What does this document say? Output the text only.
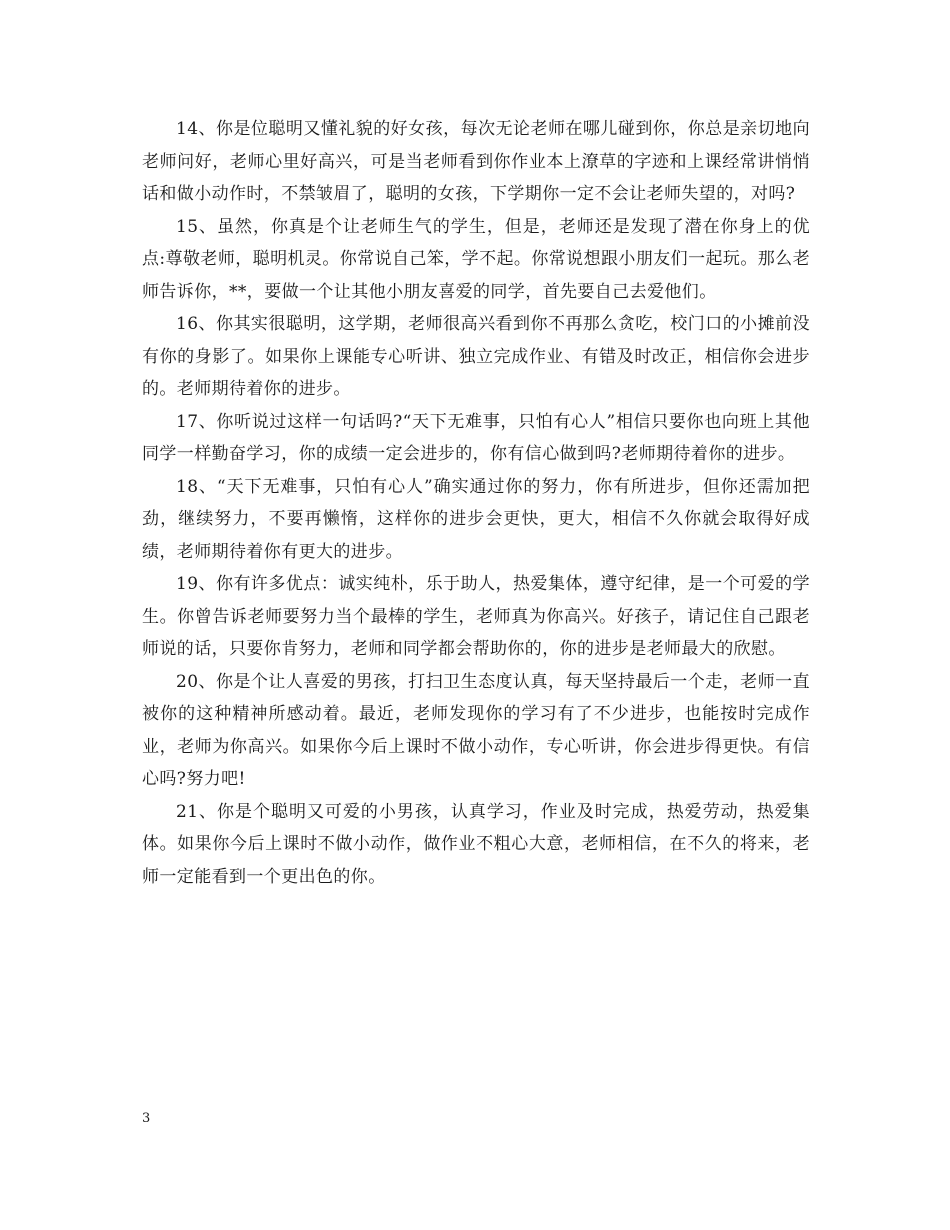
14、你是位聪明又懂礼貌的好女孩，每次无论老师在哪儿碰到你，你总是亲切地向老师问好，老师心里好高兴，可是当老师看到你作业本上潦草的字迹和上课经常讲悄悄话和做小动作时，不禁皱眉了，聪明的女孩，下学期你一定不会让老师失望的，对吗?

15、虽然，你真是个让老师生气的学生，但是，老师还是发现了潜在你身上的优点:尊敬老师，聪明机灵。你常说自己笨，学不起。你常说想跟小朋友们一起玩。那么老师告诉你，**，要做一个让其他小朋友喜爱的同学，首先要自己去爱他们。

16、你其实很聪明，这学期，老师很高兴看到你不再那么贪吃，校门口的小摊前没有你的身影了。如果你上课能专心听讲、独立完成作业、有错及时改正，相信你会进步的。老师期待着你的进步。

17、你听说过这样一句话吗?“天下无难事，只怕有心人”相信只要你也向班上其他同学一样勤奋学习，你的成绩一定会进步的，你有信心做到吗?老师期待着你的进步。

18、“天下无难事，只怕有心人”确实通过你的努力，你有所进步，但你还需加把劲，继续努力，不要再懒惰，这样你的进步会更快，更大，相信不久你就会取得好成绩，老师期待着你有更大的进步。

19、你有许多优点：诚实纯朴，乐于助人，热爱集体，遵守纪律，是一个可爱的学生。你曾告诉老师要努力当个最棒的学生，老师真为你高兴。好孩子，请记住自己跟老师说的话，只要你肯努力，老师和同学都会帮助你的，你的进步是老师最大的欣慰。

20、你是个让人喜爱的男孩，打扫卫生态度认真，每天坚持最后一个走，老师一直被你的这种精神所感动着。最近，老师发现你的学习有了不少进步，也能按时完成作业，老师为你高兴。如果你今后上课时不做小动作，专心听讲，你会进步得更快。有信心吗?努力吧!

21、你是个聪明又可爱的小男孩，认真学习，作业及时完成，热爱劳动，热爱集体。如果你今后上课时不做小动作，做作业不粗心大意，老师相信，在不久的将来，老师一定能看到一个更出色的你。

3
